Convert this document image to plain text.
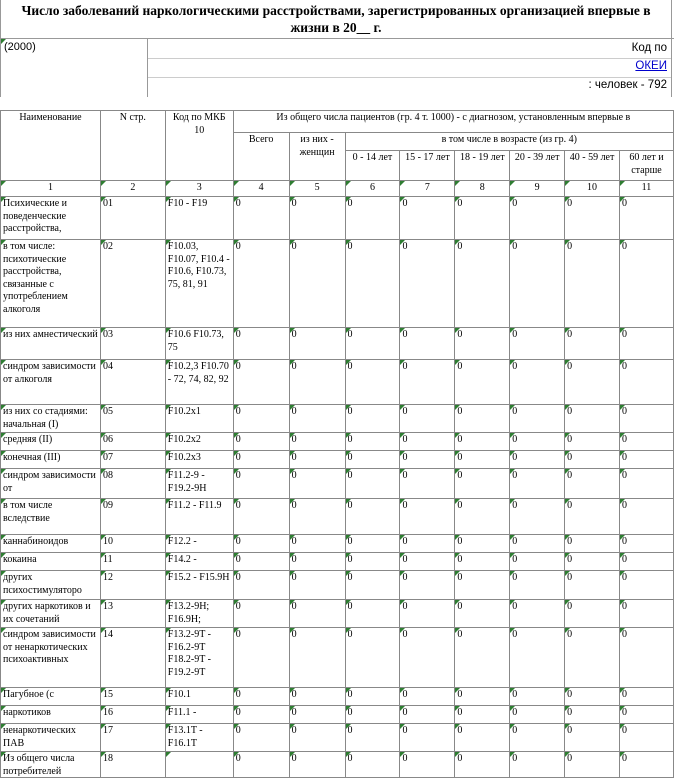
Число заболеваний наркологическими расстройствами, зарегистрированных организацией впервые в жизни в 20__ г.
(2000)	Код по
ОКЕИ
: человек - 792
Наименование	N стр.	Код по МКБ 10	Из общего числа пациентов (гр. 4 т. 1000) - с диагнозом, установленным впервые в							
			Всего	из них - женщин	в том числе в возрасте (из гр. 4)					
					0 - 14 лет	15 - 17 лет	18 - 19 лет	20 - 39 лет	40 - 59 лет	60 лет и старше
1	2	3	4	5	6	7	8	9	10	11

Психические и поведенческие расстройства,	01	F10 - F19	0	0	0	0	0	0	0	0

в том числе: психотические расстройства, связанные с употреблением алкоголя	02	F10.03, F10.07, F10.4 - F10.6, F10.73, 75, 81, 91	0	0	0	0	0	0	0	0

из них амнестический	03	F10.6 F10.73, 75	0	0	0	0	0	0	0	0

синдром зависимости от алкоголя	04	F10.2,3 F10.70 - 72, 74, 82, 92	0	0	0	0	0	0	0	0

из них со стадиями: начальная (I)	05	F10.2x1	0	0	0	0	0	0	0	0

средняя (II)	06	F10.2x2	0	0	0	0	0	0	0	0

конечная (III)	07	F10.2x3	0	0	0	0	0	0	0	0

синдром зависимости от	08	F11.2-9 - F19.2-9H	0	0	0	0	0	0	0	0

в том числе вследствие	09	F11.2 - F11.9	0	0	0	0	0	0	0	0

каннабиноидов	10	F12.2 -	0	0	0	0	0	0	0	0

кокаина	11	F14.2 -	0	0	0	0	0	0	0	0

других психостимуляторо	12	F15.2 - F15.9H	0	0	0	0	0	0	0	0

других наркотиков и их сочетаний	13	F13.2-9H; F16.9H;	0	0	0	0	0	0	0	0

синдром зависимости от ненаркотических психоактивных	14	F13.2-9T - F16.2-9T F18.2-9T - F19.2-9T	0	0	0	0	0	0	0	0

Пагубное (с	15	F10.1	0	0	0	0	0	0	0	0

наркотиков	16	F11.1 -	0	0	0	0	0	0	0	0

ненаркотических ПАВ	17	F13.1T - F16.1T	0	0	0	0	0	0	0	0

Из общего числа потребителей	18		0	0	0	0	0	0	0	0
